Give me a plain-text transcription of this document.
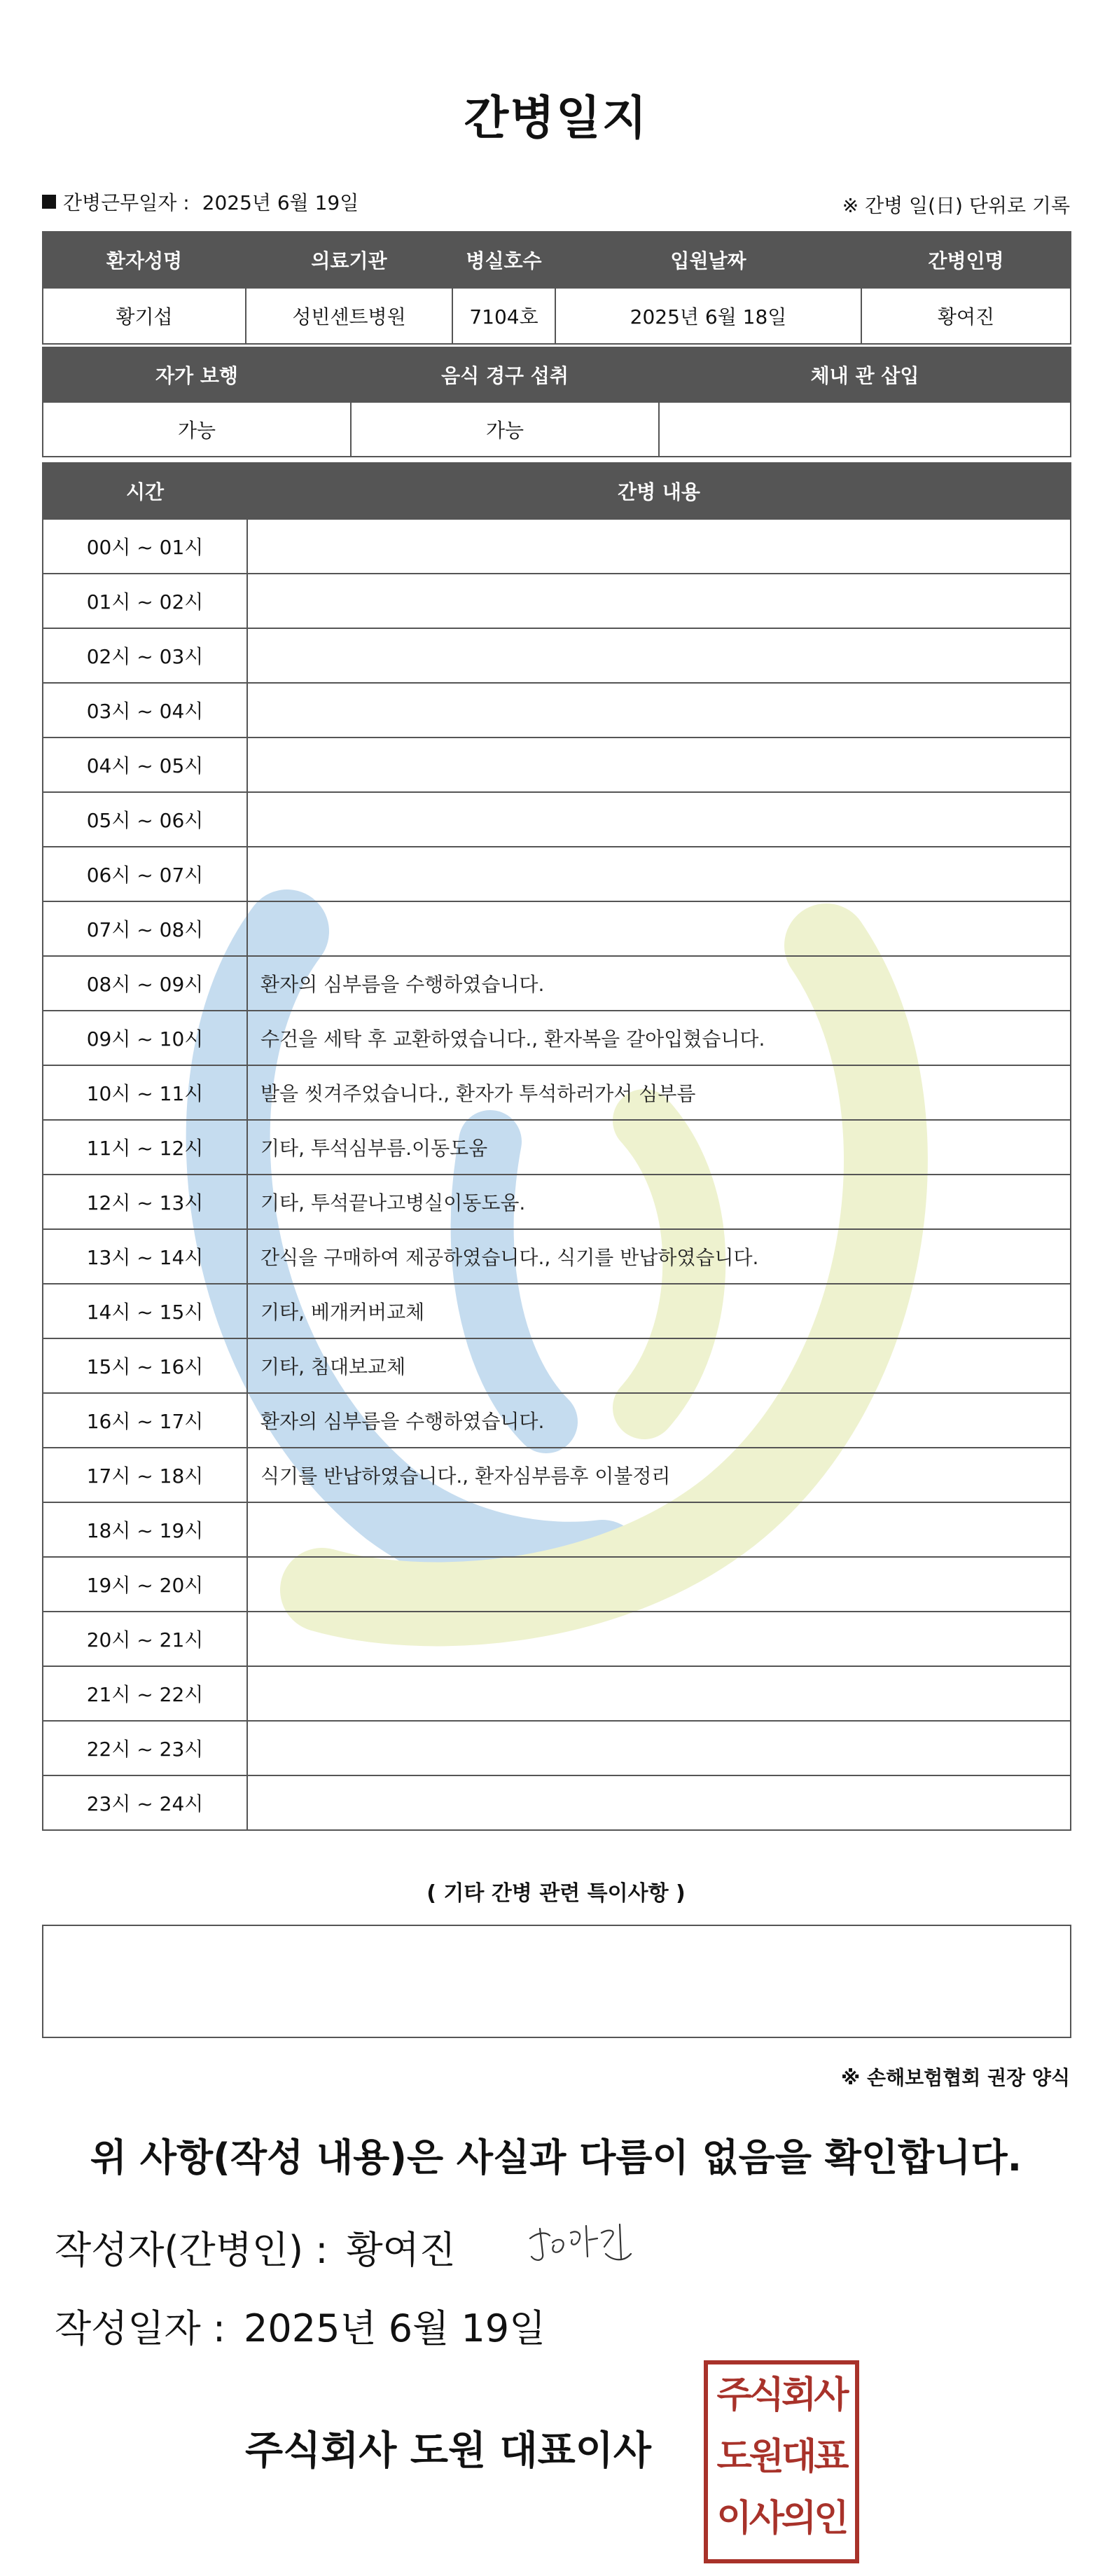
간병일지
간병근무일자 : 2025년 6월 19일	※ 간병 일(日) 단위로 기록
환자성명	의료기관	병실호수	입원날짜	간병인명
황기섭	성빈센트병원	7104호	2025년 6월 18일	황여진
자가 보행	음식 경구 섭취	체내 관 삽입
가능	가능	
시간	간병 내용
00시 ~ 01시	
01시 ~ 02시	
02시 ~ 03시	
03시 ~ 04시	
04시 ~ 05시	
05시 ~ 06시	
06시 ~ 07시	
07시 ~ 08시	
08시 ~ 09시	환자의 심부름을 수행하였습니다.
09시 ~ 10시	수건을 세탁 후 교환하였습니다., 환자복을 갈아입혔습니다.
10시 ~ 11시	발을 씻겨주었습니다., 환자가 투석하러가서 심부름
11시 ~ 12시	기타, 투석심부름.이동도움
12시 ~ 13시	기타, 투석끝나고병실이동도움.
13시 ~ 14시	간식을 구매하여 제공하였습니다., 식기를 반납하였습니다.
14시 ~ 15시	기타, 베개커버교체
15시 ~ 16시	기타, 침대보교체
16시 ~ 17시	환자의 심부름을 수행하였습니다.
17시 ~ 18시	식기를 반납하였습니다., 환자심부름후 이불정리
18시 ~ 19시	
19시 ~ 20시	
20시 ~ 21시	
21시 ~ 22시	
22시 ~ 23시	
23시 ~ 24시	
( 기타 간병 관련 특이사항 )
※ 손해보험협회 권장 양식
위 사항(작성 내용)은 사실과 다름이 없음을 확인합니다.
작성자(간병인) : 황여진
작성일자 : 2025년 6월 19일
주식회사 도원 대표이사
주식회사
도원대표
이사의인
